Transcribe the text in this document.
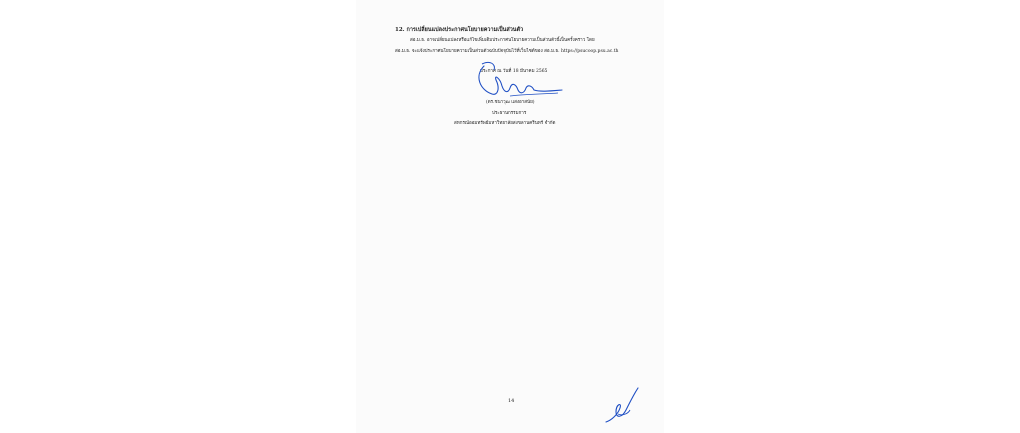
12. การเปลี่ยนแปลงประกาศนโยบายความเป็นส่วนตัว
สอ.ม.ธ. อาจเปลี่ยนแปลงหรือแก้ไขเพิ่มเติมประกาศนโยบายความเป็นส่วนตัวนี้เป็นครั้งคราว โดย
สอ.ม.ธ. จะแจ้งประกาศนโยบายความเป็นส่วนตัวฉบับปัจจุบันไว้ที่เว็บไซต์ของ สอ.ม.ธ. https://psucoop.psu.ac.th
ประกาศ ณ วันที่ 18 มีนาคม 2565
(ดร.ชนาวุฒ แสงอาสนัย)
ประธานกรรมการ
สหกรณ์ออมทรัพย์มหาวิทยาลัยสงขลานครินทร์ จำกัด
14
